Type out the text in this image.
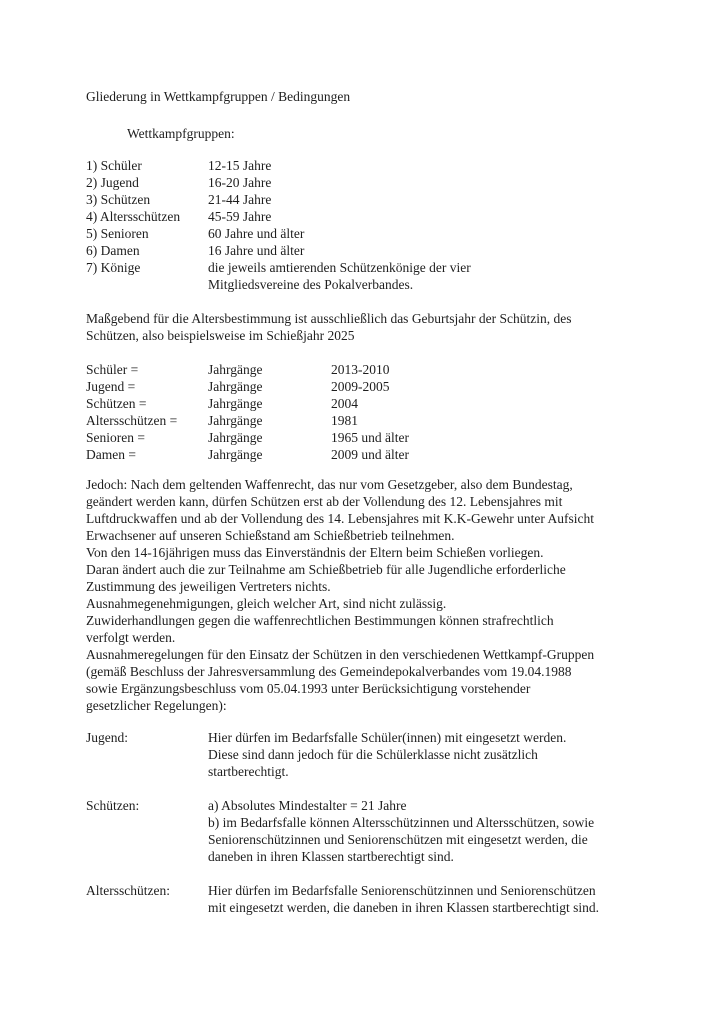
Gliederung in Wettkampfgruppen / Bedingungen
Wettkampfgruppen:
1) Schüler	12-15 Jahre
2) Jugend	16-20 Jahre
3) Schützen	21-44 Jahre
4) Altersschützen	45-59 Jahre
5) Senioren	60 Jahre und älter
6) Damen	16 Jahre und älter
7) Könige	die jeweils amtierenden Schützenkönige der vier
Mitgliedsvereine des Pokalverbandes.
Maßgebend für die Altersbestimmung ist ausschließlich das Geburtsjahr der Schützin, des
Schützen, also beispielsweise im Schießjahr 2025
Schüler =	Jahrgänge	2013-2010
Jugend =	Jahrgänge	2009-2005
Schützen =	Jahrgänge	2004
Altersschützen =	Jahrgänge	1981
Senioren =	Jahrgänge	1965 und älter
Damen =	Jahrgänge	2009 und älter
Jedoch: Nach dem geltenden Waffenrecht, das nur vom Gesetzgeber, also dem Bundestag,
geändert werden kann, dürfen Schützen erst ab der Vollendung des 12. Lebensjahres mit
Luftdruckwaffen und ab der Vollendung des 14. Lebensjahres mit K.K-Gewehr unter Aufsicht
Erwachsener auf unseren Schießstand am Schießbetrieb teilnehmen.
Von den 14-16jährigen muss das Einverständnis der Eltern beim Schießen vorliegen.
Daran ändert auch die zur Teilnahme am Schießbetrieb für alle Jugendliche erforderliche
Zustimmung des jeweiligen Vertreters nichts.
Ausnahmegenehmigungen, gleich welcher Art, sind nicht zulässig.
Zuwiderhandlungen gegen die waffenrechtlichen Bestimmungen können strafrechtlich
verfolgt werden.
Ausnahmeregelungen für den Einsatz der Schützen in den verschiedenen Wettkampf-Gruppen
(gemäß Beschluss der Jahresversammlung des Gemeindepokalverbandes vom 19.04.1988
sowie Ergänzungsbeschluss vom 05.04.1993 unter Berücksichtigung vorstehender
gesetzlicher Regelungen):
Jugend:	Hier dürfen im Bedarfsfalle Schüler(innen) mit eingesetzt werden.
Diese sind dann jedoch für die Schülerklasse nicht zusätzlich
startberechtigt.
Schützen:	a) Absolutes Mindestalter = 21 Jahre
b) im Bedarfsfalle können Altersschützinnen und Altersschützen, sowie
Seniorenschützinnen und Seniorenschützen mit eingesetzt werden, die
daneben in ihren Klassen startberechtigt sind.
Altersschützen:	Hier dürfen im Bedarfsfalle Seniorenschützinnen und Seniorenschützen
mit eingesetzt werden, die daneben in ihren Klassen startberechtigt sind.
